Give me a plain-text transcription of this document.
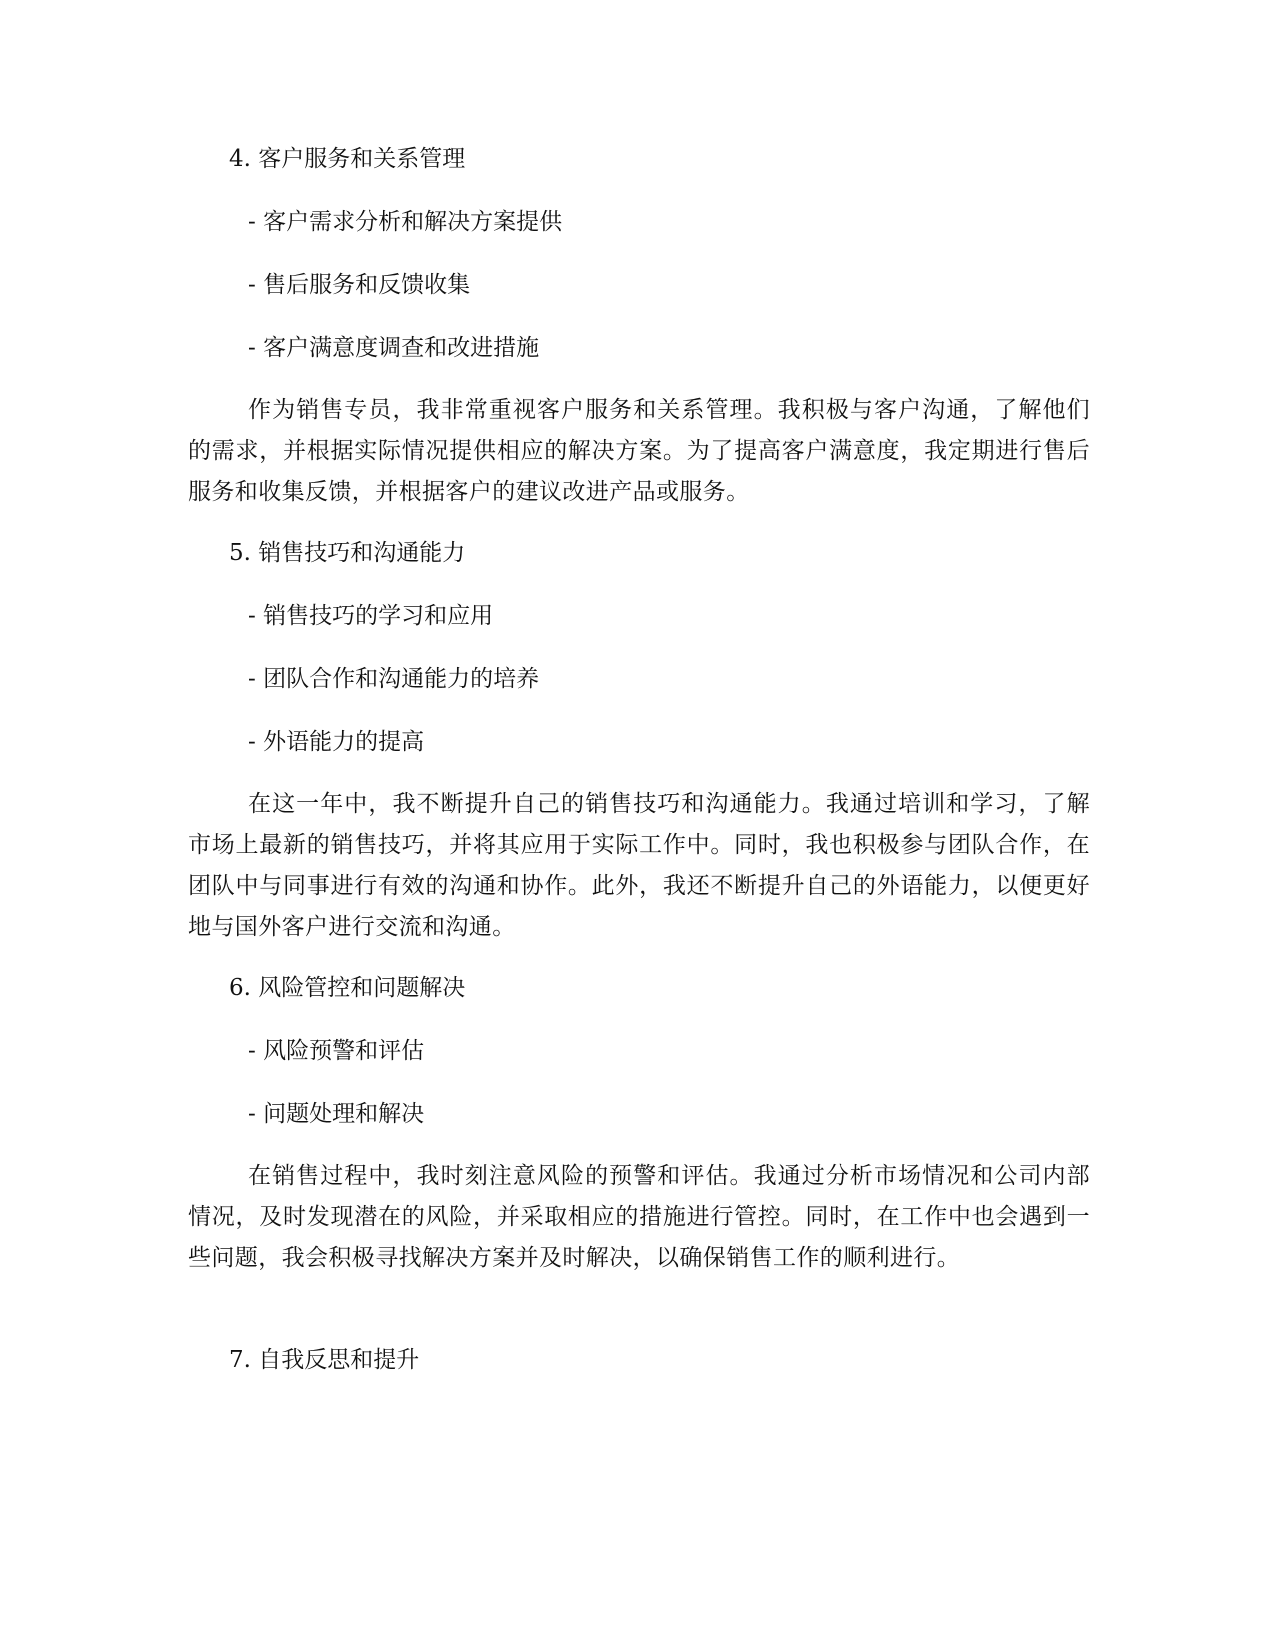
4. 客户服务和关系管理
- 客户需求分析和解决方案提供
- 售后服务和反馈收集
- 客户满意度调查和改进措施
作为销售专员，我非常重视客户服务和关系管理。我积极与客户沟通，了解他们的需求，并根据实际情况提供相应的解决方案。为了提高客户满意度，我定期进行售后服务和收集反馈，并根据客户的建议改进产品或服务。
5. 销售技巧和沟通能力
- 销售技巧的学习和应用
- 团队合作和沟通能力的培养
- 外语能力的提高
在这一年中，我不断提升自己的销售技巧和沟通能力。我通过培训和学习，了解市场上最新的销售技巧，并将其应用于实际工作中。同时，我也积极参与团队合作，在团队中与同事进行有效的沟通和协作。此外，我还不断提升自己的外语能力，以便更好地与国外客户进行交流和沟通。
6. 风险管控和问题解决
- 风险预警和评估
- 问题处理和解决
在销售过程中，我时刻注意风险的预警和评估。我通过分析市场情况和公司内部情况，及时发现潜在的风险，并采取相应的措施进行管控。同时，在工作中也会遇到一些问题，我会积极寻找解决方案并及时解决，以确保销售工作的顺利进行。
7. 自我反思和提升
